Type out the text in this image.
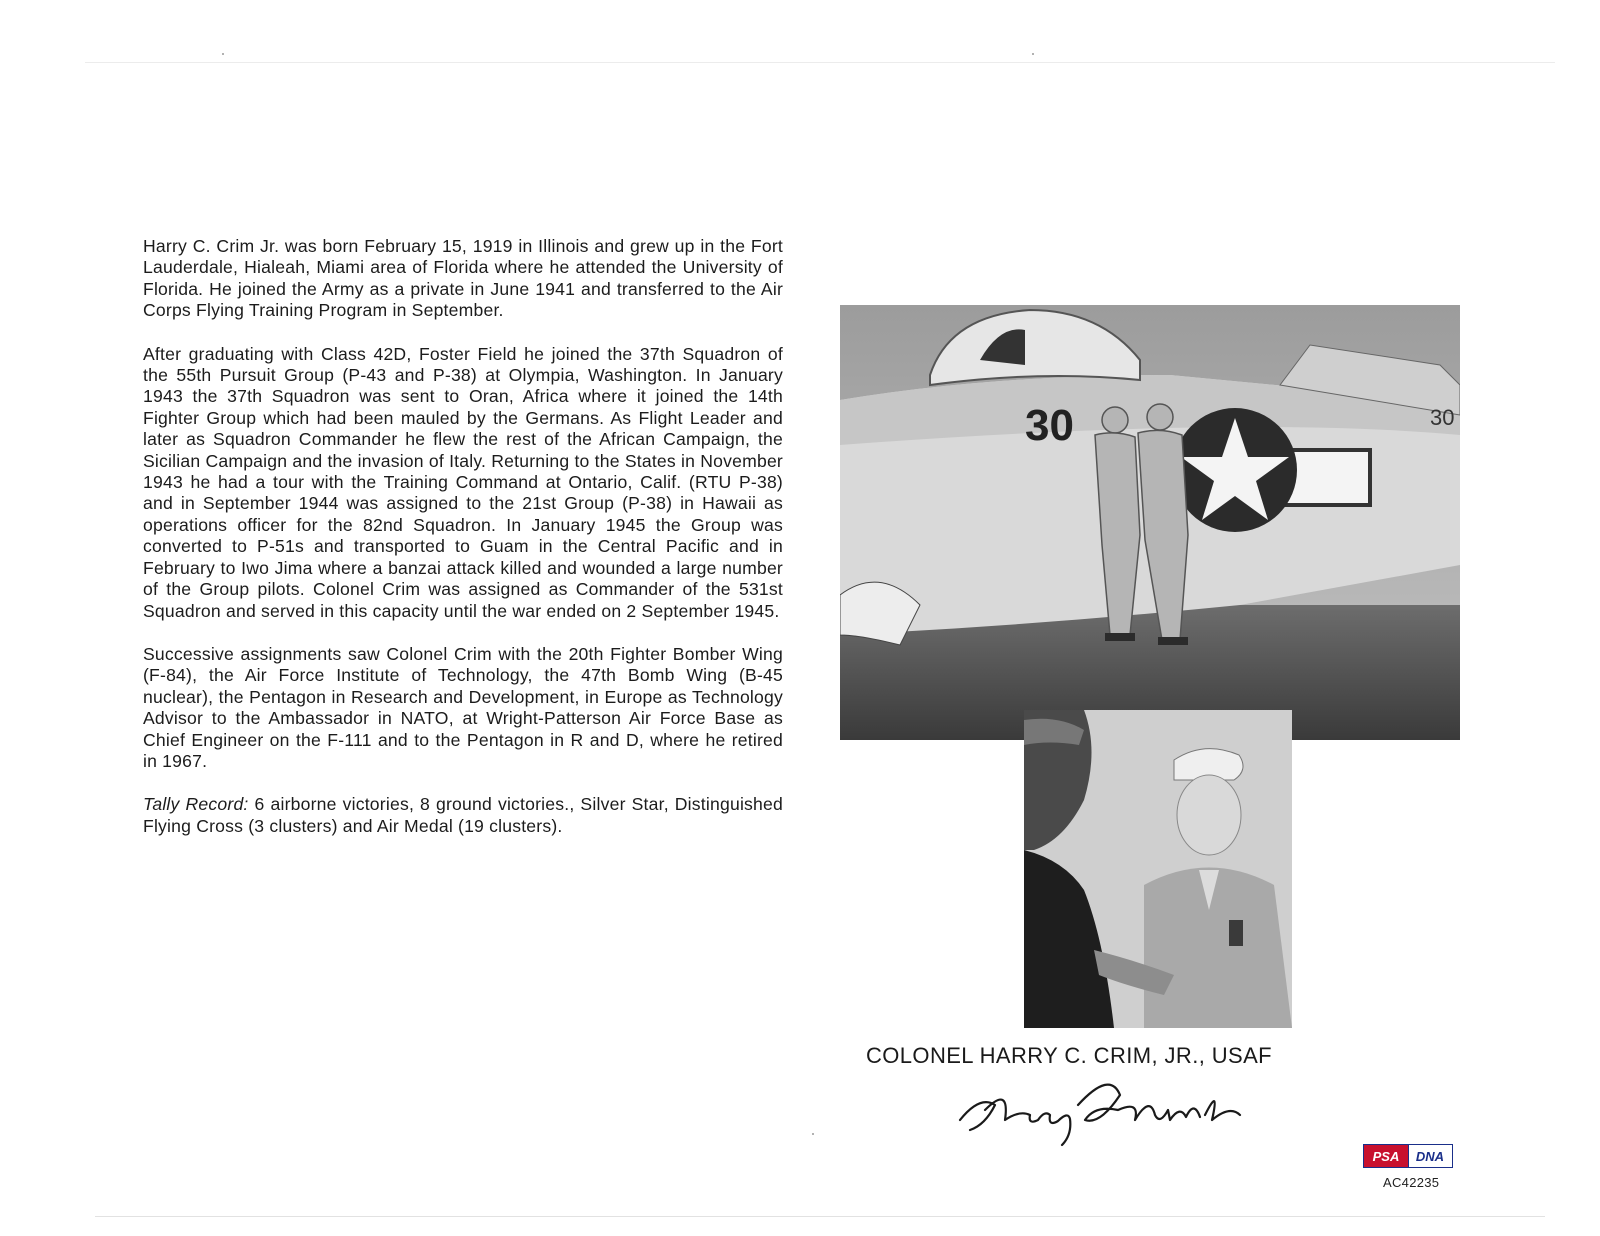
Harry C. Crim Jr. was born February 15, 1919 in Illinois and grew up in the Fort Lauderdale, Hialeah, Miami area of Florida where he attended the University of Florida. He joined the Army as a private in June 1941 and transferred to the Air Corps Flying Training Program in September.

After graduating with Class 42D, Foster Field he joined the 37th Squadron of the 55th Pursuit Group (P-43 and P-38) at Olympia, Washington. In January 1943 the 37th Squadron was sent to Oran, Africa where it joined the 14th Fighter Group which had been mauled by the Germans. As Flight Leader and later as Squadron Commander he flew the rest of the African Campaign, the Sicilian Campaign and the invasion of Italy. Returning to the States in November 1943 he had a tour with the Training Command at Ontario, Calif. (RTU P-38) and in September 1944 was assigned to the 21st Group (P-38) in Hawaii as operations officer for the 82nd Squadron. In January 1945 the Group was converted to P-51s and transported to Guam in the Central Pacific and in February to Iwo Jima where a banzai attack killed and wounded a large number of the Group pilots. Colonel Crim was assigned as Commander of the 531st Squadron and served in this capacity until the war ended on 2 September 1945.

Successive assignments saw Colonel Crim with the 20th Fighter Bomber Wing (F-84), the Air Force Institute of Technology, the 47th Bomb Wing (B-45 nuclear), the Pentagon in Research and Development, in Europe as Technology Advisor to the Ambassador in NATO, at Wright-Patterson Air Force Base as Chief Engineer on the F-111 and to the Pentagon in R and D, where he retired in 1967.

Tally Record: 6 airborne victories, 8 ground victories., Silver Star, Distinguished Flying Cross (3 clusters) and Air Medal (19 clusters).

30	30
COLONEL HARRY C. CRIM, JR., USAF
PSA DNA
AC42235
